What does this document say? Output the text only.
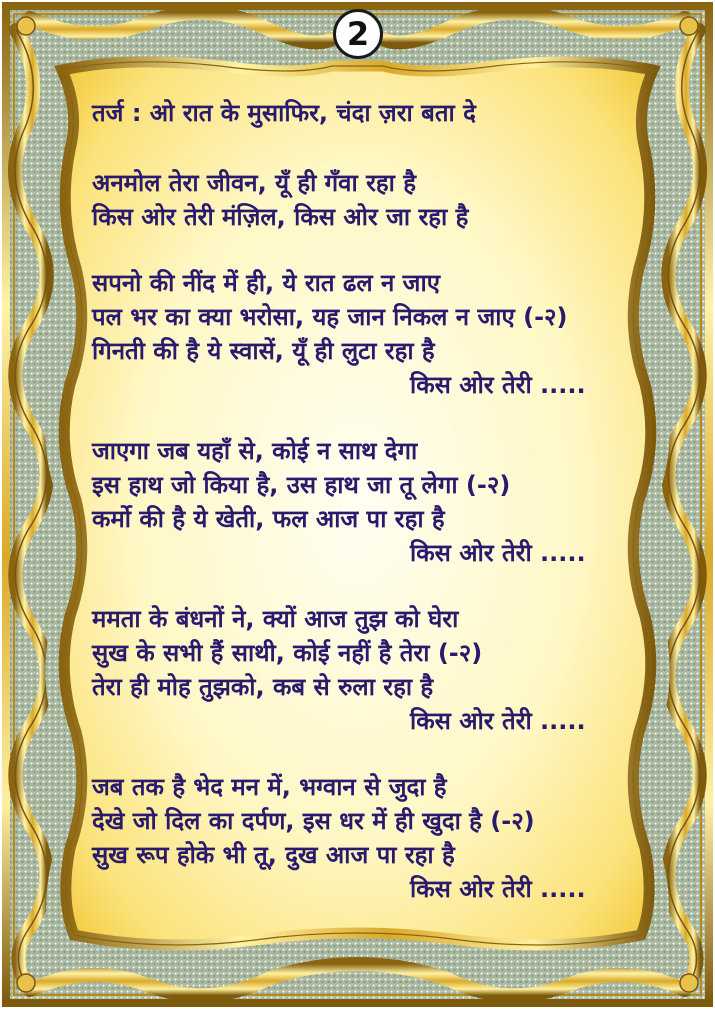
2
तर्ज : ओ रात के मुसाफिर, चंदा ज़रा बता दे
अनमोल तेरा जीवन, यूँ ही गँवा रहा है
किस ओर तेरी मंज़िल, किस ओर जा रहा है
सपनो की नींद में ही, ये रात ढल न जाए
पल भर का क्या भरोसा, यह जान निकल न जाए (-२)
गिनती की है ये स्वासें, यूँ ही लुटा रहा है
किस ओर तेरी .....
जाएगा जब यहाँ से, कोई न साथ देगा
इस हाथ जो किया है, उस हाथ जा तू लेगा (-२)
कर्मो की है ये खेती, फल आज पा रहा है
किस ओर तेरी .....
ममता के बंधनों ने, क्यों आज तुझ को घेरा
सुख के सभी हैं साथी, कोई नहीं है तेरा (-२)
तेरा ही मोह तुझको, कब से रुला रहा है
किस ओर तेरी .....
जब तक है भेद मन में, भग्वान से जुदा है
देखे जो दिल का दर्पण, इस धर में ही खुदा है (-२)
सुख रूप होके भी तू, दुख आज पा रहा है
किस ओर तेरी .....
